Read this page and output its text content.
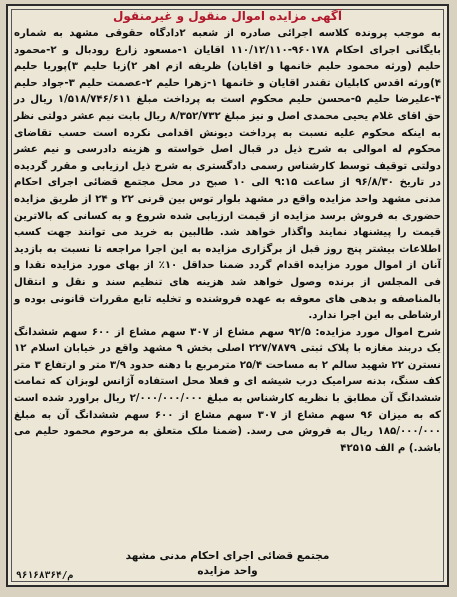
آگهی مزایده اموال منقول و غیرمنقول

به موجب پرونده کلاسه اجرائی صادره از شعبه ۲دادگاه حقوقی مشهد به شماره بایگانی اجرای احکام ۹۶۰۱۷۸-۱۱۰/۱۲/۱۱۰ اقایان ۱-مسعود زارع رودبال و ۲-محمود حلیم (ورثه محمود حلیم خانمها و اقایان) ظریفه ازم اهر ۲)زبا حلیم ۳)پوریا حلیم ۴)ورثه اقدس کابلیان تقندر اقایان و خانمها ۱-زهرا حلیم ۲-عصمت حلیم ۳-جواد حلیم ۴-علیرضا حلیم ۵-محسن حلیم محکوم است به پرداخت مبلغ ۱/۵۱۸/۷۴۶/۶۱۱ ریال در حق اقای غلام یحیی محمدی اصل و نیز مبلغ ۸/۳۵۲/۷۳۲ ریال بابت نیم عشر دولتی نظر به اینکه محکوم علیه نسبت به پرداخت دیونش اقدامی نکرده است حسب تقاضای محکوم له اموالی به شرح ذیل در قبال اصل خواسته و هزینه دادرسی و نیم عشر دولتی توقیف توسط کارشناس رسمی دادگستری به شرح ذیل ارزیابی و مقرر گردیده در تاریخ ۹۶/۸/۳۰ از ساعت ۹:۱۵ الی ۱۰ صبح در محل مجتمع قضائی اجرای احکام مدنی مشهد واحد مزایده واقع در مشهد بلوار توس بین قرنی ۲۲ و ۲۴ از طریق مزایده حضوری به فروش برسد مزایده از قیمت ارزیابی شده شروع و به کسانی که بالاترین قیمت را پیشنهاد نمایند واگذار خواهد شد. طالبین به خرید می توانند جهت کسب اطلاعات بیشتر پنج روز قبل از برگزاری مزایده به این اجرا مراجعه تا نسبت به بازدید آنان از اموال مورد مزایده اقدام گردد ضمنا حداقل ۱۰٪ از بهای مورد مزایده نقدا و فی المجلس از برنده وصول خواهد شد هزینه های تنظیم سند و نقل و انتقال بالمناصفه و بدهی های معوقه به عهده فروشنده و تخلیه تابع مقررات قانونی بوده و ارشاطی به این اجرا ندارد.

شرح اموال مورد مزایده: ۹۲/۵ سهم مشاع از ۳۰۷ سهم مشاع از ۶۰۰ سهم ششدانگ یک دربند مغازه با پلاک ثبتی ۲۲۷/۷۸۷۹ اصلی بخش ۹ مشهد واقع در خیابان اسلام ۱۲ نسترن ۲۲ شهید سالم ۲ به مساحت ۲۵/۴ مترمربع با دهنه حدود ۳/۹ متر و ارتفاع ۳ متر کف سنگ، بدنه سرامیک درب شیشه ای و فعلا محل استفاده آژانس لوبزان که تمامت ششدانگ آن مطابق با نظریه کارشناس به مبلغ ۲/۰۰۰/۰۰۰/۰۰۰ ریال براورد شده است که به میزان ۹۶ سهم مشاع از ۳۰۷ سهم مشاع از ۶۰۰ سهم ششدانگ آن به مبلغ ۱۸۵/۰۰۰/۰۰۰ ریال به فروش می رسد. (ضمنا ملک متعلق به مرحوم محمود حلیم می باشد.) م الف ۴۲۵۱۵

مجتمع قضائی اجرای احکام مدنی مشهد
واحد مزایده
۹۶۱۶۸۳۶۴/م
